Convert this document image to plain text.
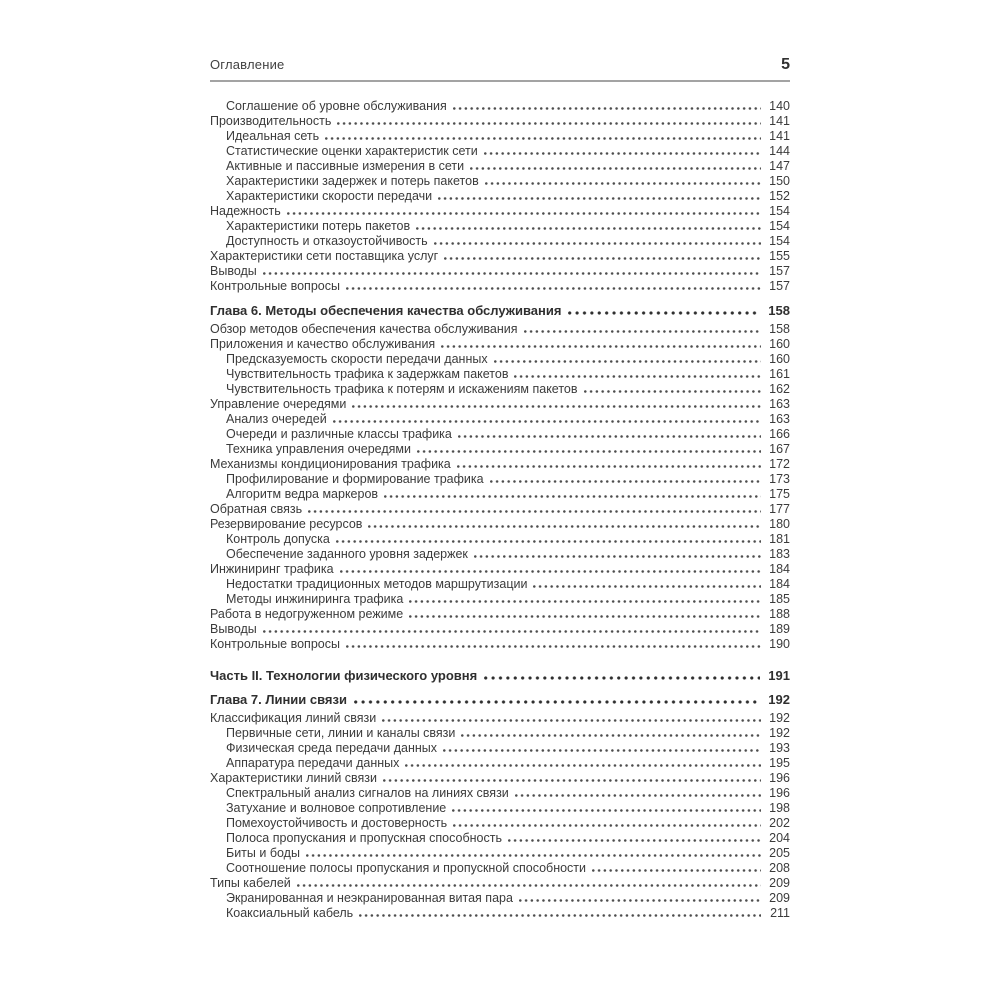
Оглавление	5
Соглашение об уровне обслуживания	140
Производительность	141
Идеальная сеть	141
Статистические оценки характеристик сети	144
Активные и пассивные измерения в сети	147
Характеристики задержек и потерь пакетов	150
Характеристики скорости передачи	152
Надежность	154
Характеристики потерь пакетов	154
Доступность и отказоустойчивость	154
Характеристики сети поставщика услуг	155
Выводы	157
Контрольные вопросы	157
Глава 6. Методы обеспечения качества обслуживания	158
Обзор методов обеспечения качества обслуживания	158
Приложения и качество обслуживания	160
Предсказуемость скорости передачи данных	160
Чувствительность трафика к задержкам пакетов	161
Чувствительность трафика к потерям и искажениям пакетов	162
Управление очередями	163
Анализ очередей	163
Очереди и различные классы трафика	166
Техника управления очередями	167
Механизмы кондиционирования трафика	172
Профилирование и формирование трафика	173
Алгоритм ведра маркеров	175
Обратная связь	177
Резервирование ресурсов	180
Контроль допуска	181
Обеспечение заданного уровня задержек	183
Инжиниринг трафика	184
Недостатки традиционных методов маршрутизации	184
Методы инжиниринга трафика	185
Работа в недогруженном режиме	188
Выводы	189
Контрольные вопросы	190
Часть II. Технологии физического уровня	191
Глава 7. Линии связи	192
Классификация линий связи	192
Первичные сети, линии и каналы связи	192
Физическая среда передачи данных	193
Аппаратура передачи данных	195
Характеристики линий связи	196
Спектральный анализ сигналов на линиях связи	196
Затухание и волновое сопротивление	198
Помехоустойчивость и достоверность	202
Полоса пропускания и пропускная способность	204
Биты и боды	205
Соотношение полосы пропускания и пропускной способности	208
Типы кабелей	209
Экранированная и неэкранированная витая пара	209
Коаксиальный кабель	211
